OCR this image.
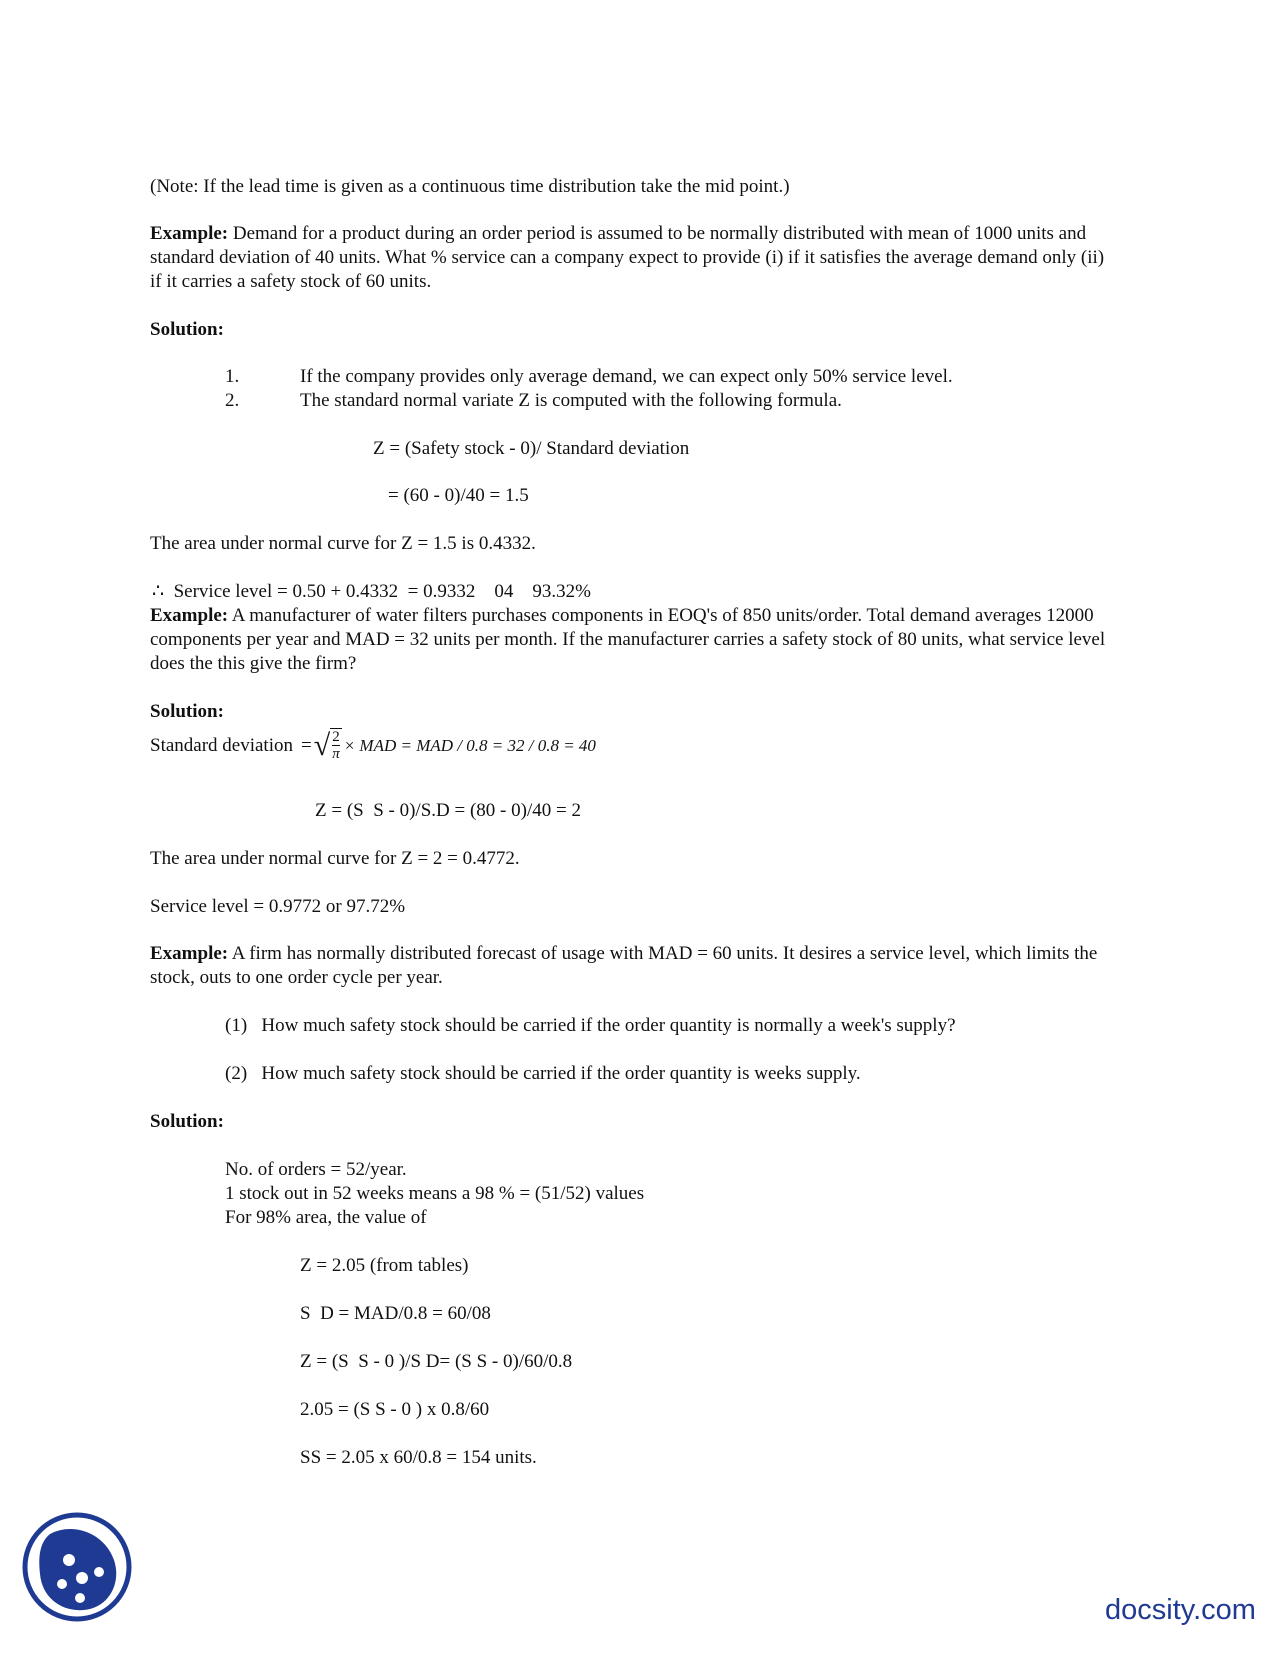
(Note: If the lead time is given as a continuous time distribution take the mid point.)
Example: Demand for a product during an order period is assumed to be normally distributed with mean of 1000 units and standard deviation of 40 units. What % service can a company expect to provide (i) if it satisfies the average demand only (ii) if it carries a safety stock of 60 units.
Solution:
1.	If the company provides only average demand, we can expect only 50% service level.
2.	The standard normal variate Z is computed with the following formula.
Z = (Safety stock - 0)/ Standard deviation
= (60 - 0)/40 = 1.5
The area under normal curve for Z = 1.5 is 0.4332.
∴  Service level = 0.50 + 0.4332  = 0.9332    04    93.32%
Example: A manufacturer of water filters purchases components in EOQ's of 850 units/order. Total demand averages 12000 components per year and MAD = 32 units per month. If the manufacturer carries a safety stock of 80 units, what service level does the this give the firm?
Solution:
Standard deviation = √ $\frac{2}{\pi}$ × MAD = MAD / 0.8 = 32 / 0.8 = 40
Z = (S  S - 0)/S.D = (80 - 0)/40 = 2
The area under normal curve for Z = 2 = 0.4772.
Service level = 0.9772 or 97.72%
Example: A firm has normally distributed forecast of usage with MAD = 60 units. It desires a service level, which limits the stock, outs to one order cycle per year.
(1)   How much safety stock should be carried if the order quantity is normally a week's supply?
(2)   How much safety stock should be carried if the order quantity is weeks supply.
Solution:
No. of orders = 52/year.
1 stock out in 52 weeks means a 98 % = (51/52) values
For 98% area, the value of
Z = 2.05 (from tables)
S  D = MAD/0.8 = 60/08
Z = (S  S - 0 )/S D= (S S - 0)/60/0.8
2.05 = (S S - 0 ) x 0.8/60
SS = 2.05 x 60/0.8 = 154 units.
docsity.com
